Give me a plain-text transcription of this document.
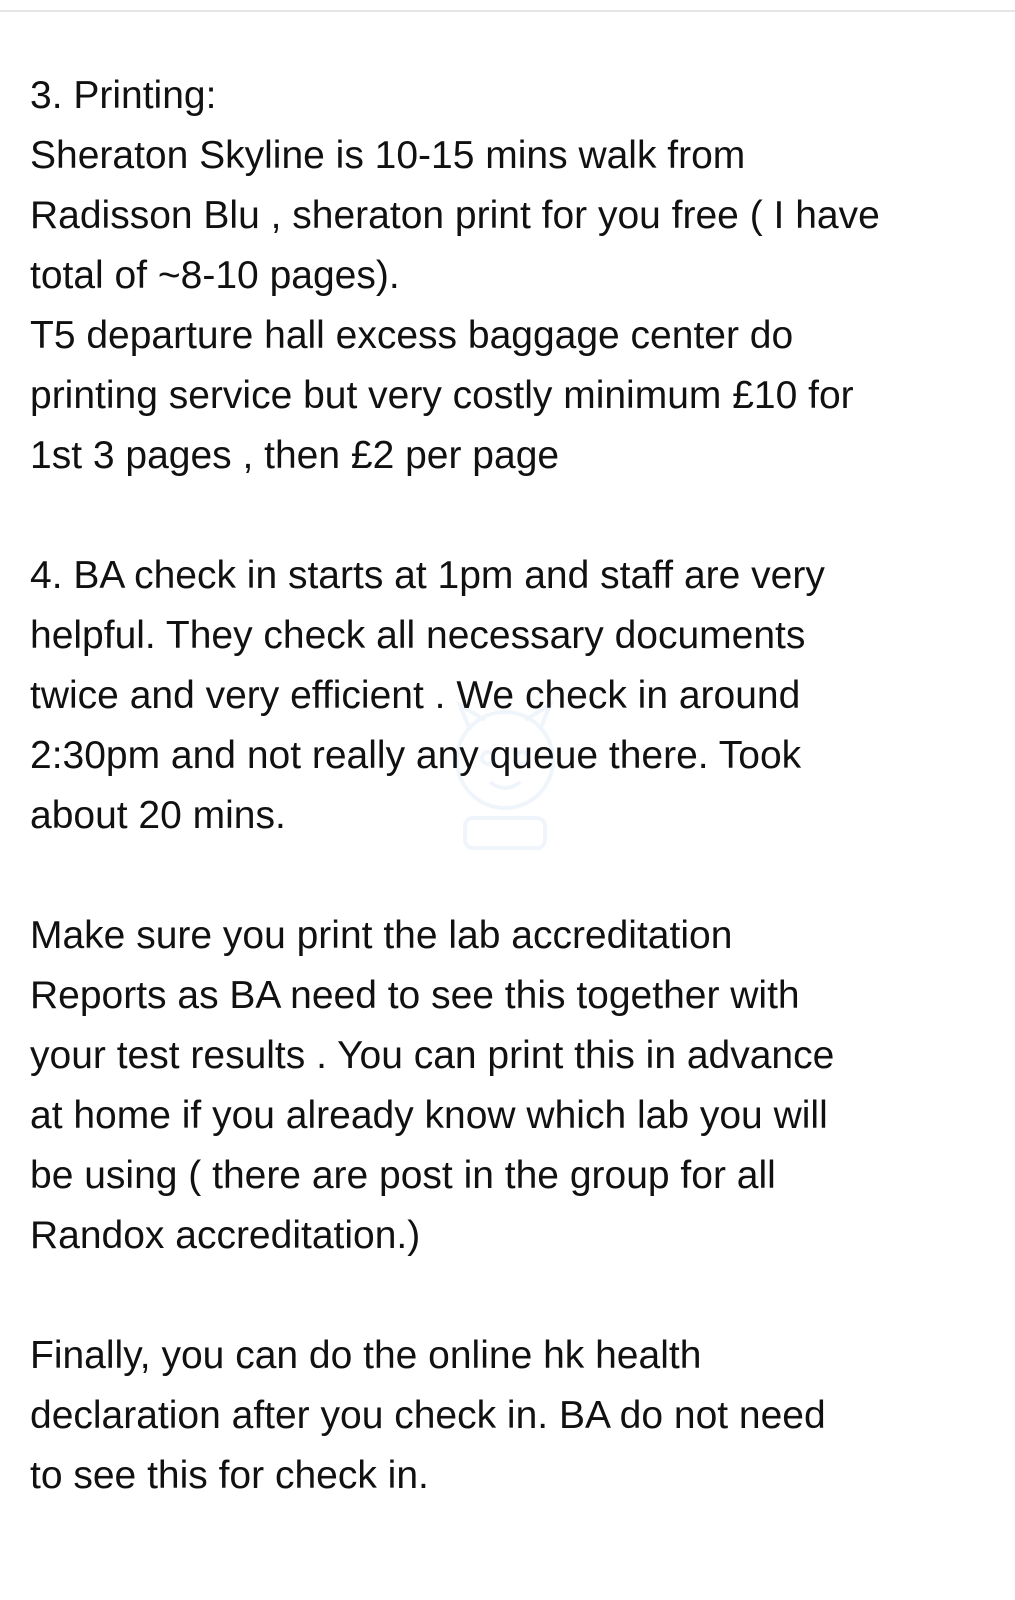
3. Printing:
Sheraton Skyline is 10-15 mins walk from
Radisson Blu , sheraton print for you free ( I have
total of ~8-10 pages).
T5 departure hall excess baggage center do
printing service but very costly minimum £10 for
1st 3 pages , then £2 per page
4. BA check in starts at 1pm and staff are very
helpful. They check all necessary documents
twice and very efficient . We check in around
2:30pm and not really any queue there. Took
about 20 mins.
Make sure you print the lab accreditation
Reports as BA need to see this together with
your test results . You can print this in advance
at home if you already know which lab you will
be using ( there are post in the group for all
Randox accreditation.)
Finally, you can do the online hk health
declaration after you check in. BA do not need
to see this for check in.
